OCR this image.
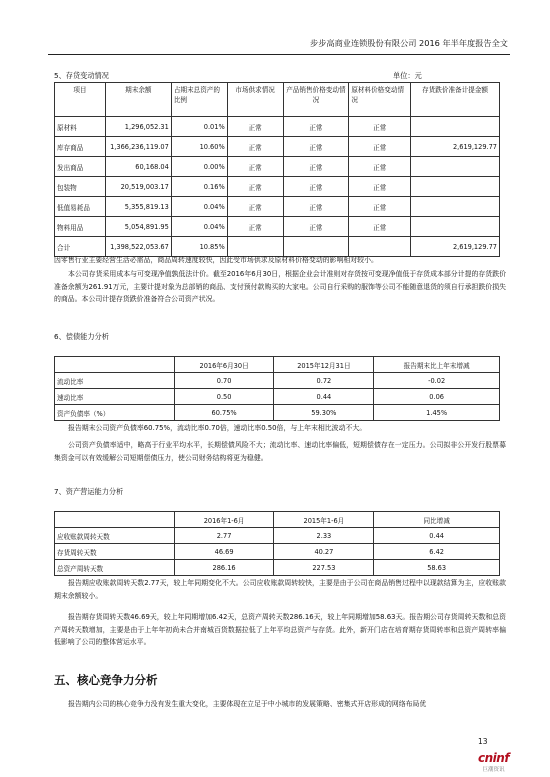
步步高商业连锁股份有限公司 2016 年半年度报告全文
5、存货变动情况	单位：元
项目	期末余额	占期末总资产的比例	市场供求情况	产品销售价格变动情况	原材料价格变动情况	存货跌价准备计提金额
原材料	1,296,052.31	0.01%	正常	正常	正常	
库存商品	1,366,236,119.07	10.60%	正常	正常	正常	2,619,129.77
发出商品	60,168.04	0.00%	正常	正常	正常	
包装物	20,519,003.17	0.16%	正常	正常	正常	
低值易耗品	5,355,819.13	0.04%	正常	正常	正常	
物料用品	5,054,891.95	0.04%	正常	正常	正常	
合计	1,398,522,053.67	10.85%				2,619,129.77
因零售行业主要经营生活必需品，商品周转速度较快，因此受市场供求及原材料价格变动的影响相对较小。
本公司存货采用成本与可变现净值孰低法计价。截至2016年6月30日，根据企业会计准则对存货按可变现净值低于存货成本部分计提的存货跌价准备余额为261.91万元，主要计提对象为总部销的商品、支付预付款购买的大家电。公司自行采购的服饰等公司不能随意退货的须自行承担跌价损失的商品。本公司计提存货跌价准备符合公司资产状况。
6、偿债能力分析
	2016年6月30日	2015年12月31日	报告期末比上年末增减
流动比率	0.70	0.72	-0.02
速动比率	0.50	0.44	0.06
资产负债率（%）	60.75%	59.30%	1.45%
报告期末公司资产负债率60.75%，流动比率0.70倍，速动比率0.50倍，与上年末相比波动不大。
公司资产负债率适中，略高于行业平均水平，长期偿债风险不大；流动比率、速动比率偏低，短期偿债存在一定压力。公司拟非公开发行股票募集资金可以有效缓解公司短期偿债压力，使公司财务结构将更为稳健。
7、资产营运能力分析
	2016年1-6月	2015年1-6月	同比增减
应收账款周转天数	2.77	2.33	0.44
存货周转天数	46.69	40.27	6.42
总资产周转天数	286.16	227.53	58.63
报告期应收账款周转天数2.77天，较上年同期变化不大。公司应收账款周转较快，主要是由于公司在商品销售过程中以现款结算为主，应收账款期末余额较小。
报告期存货周转天数46.69天，较上年同期增加6.42天，总资产周转天数286.16天，较上年同期增加58.63天。报告期公司存货周转天数和总资产周转天数增加，主要是由于上年年初尚未合并南城百货数据拉低了上年平均总资产与存货。此外，新开门店在培育期存货周转率和总资产周转率偏低影响了公司的整体营运水平。
五、核心竞争力分析
报告期内公司的核心竞争力没有发生重大变化，主要体现在立足于中小城市的发展策略、密集式开店形成的网络布局优
13
cninf
巨潮资讯
